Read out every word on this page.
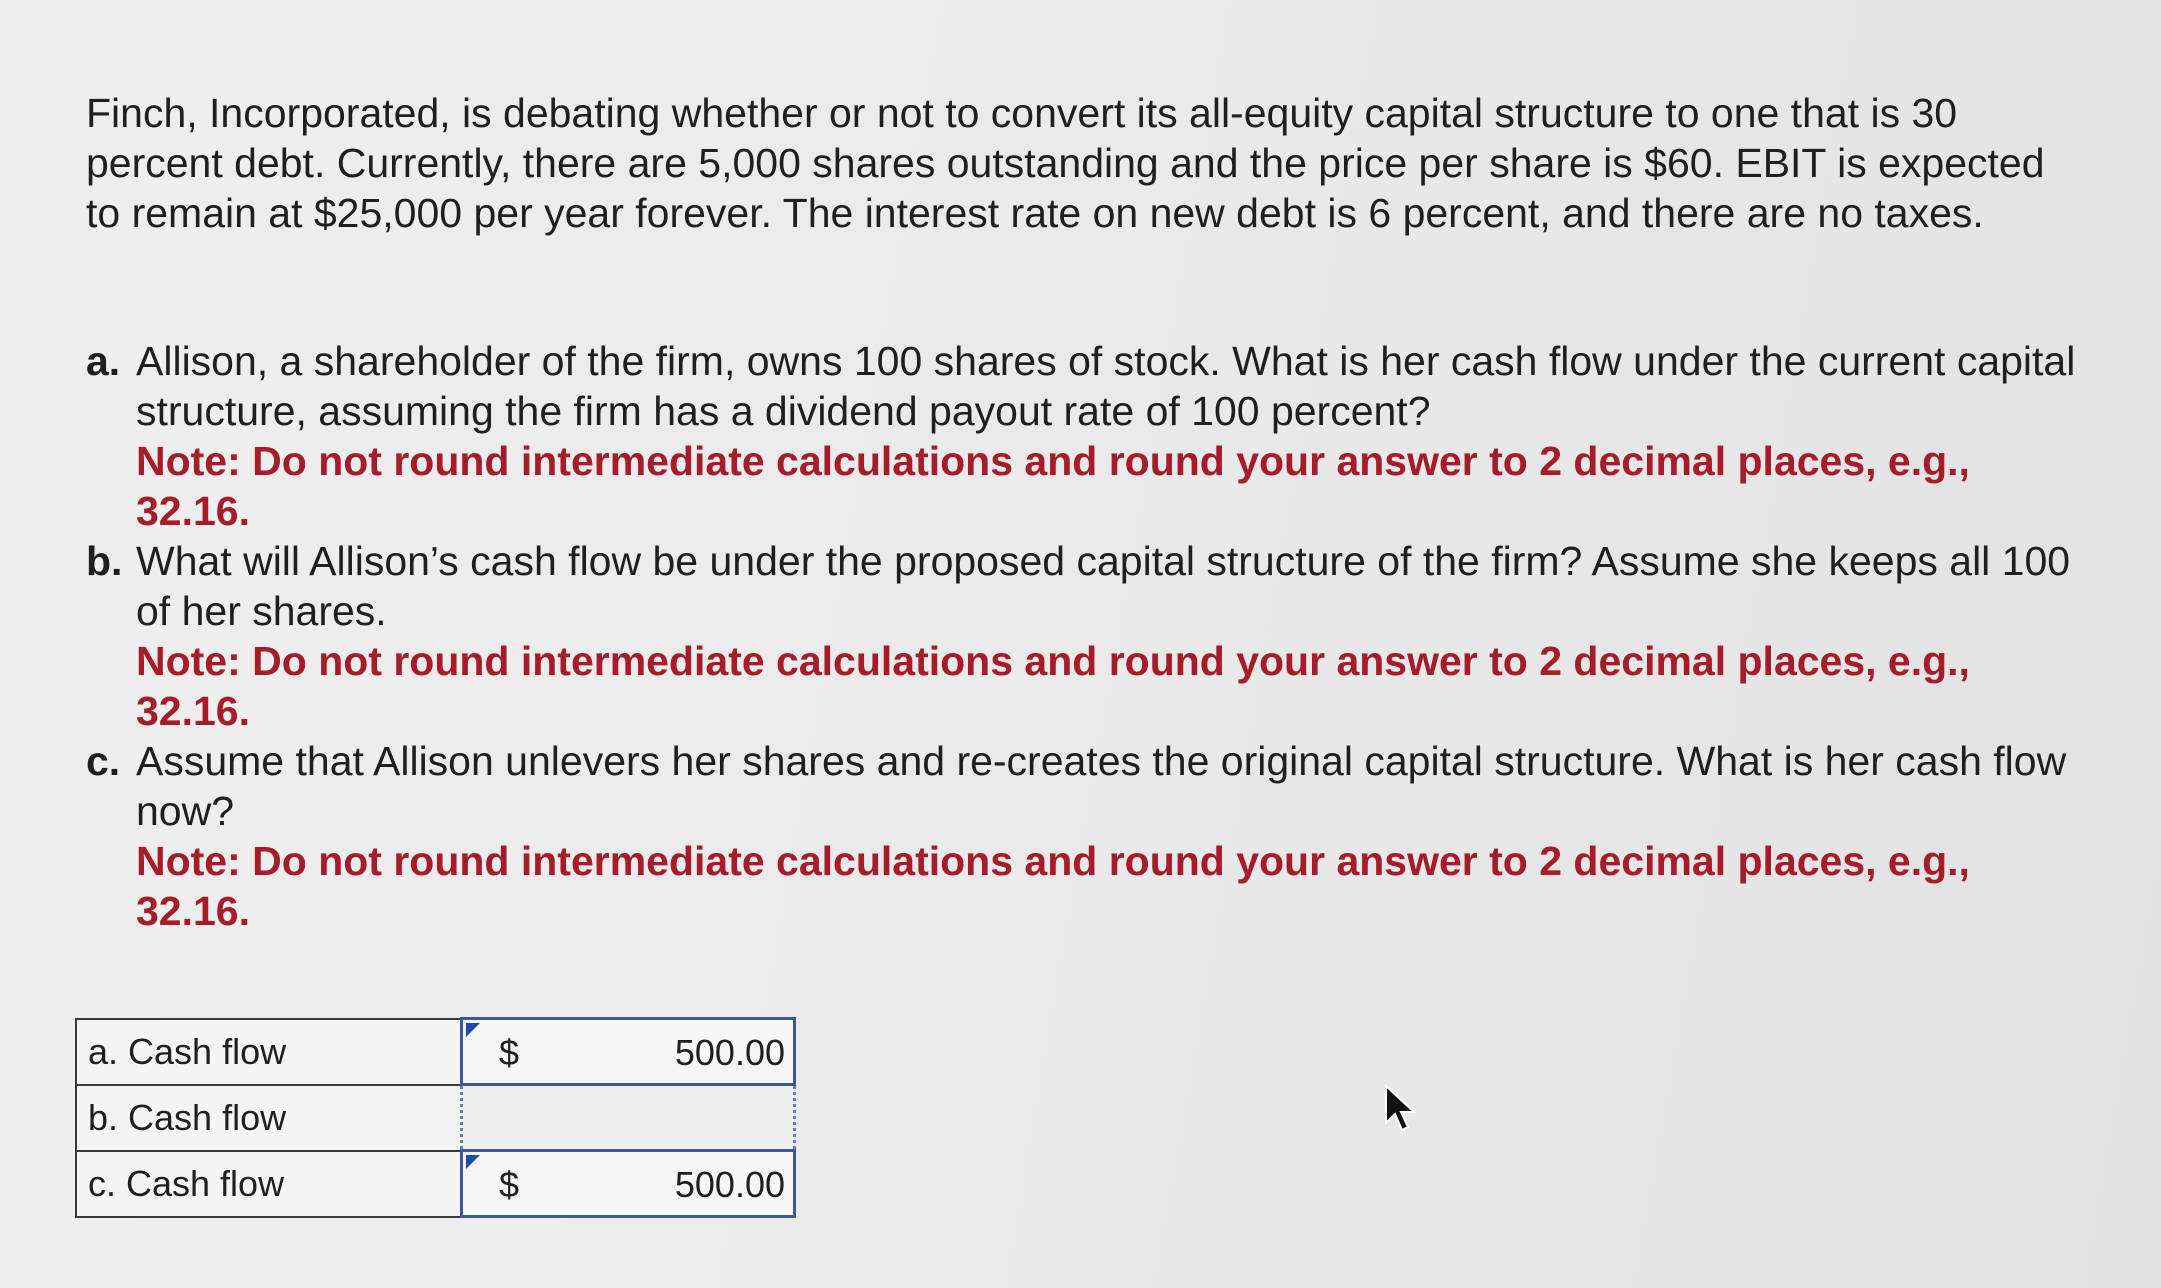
Finch, Incorporated, is debating whether or not to convert its all-equity capital structure to one that is 30 percent debt. Currently, there are 5,000 shares outstanding and the price per share is $60. EBIT is expected to remain at $25,000 per year forever. The interest rate on new debt is 6 percent, and there are no taxes.

a. Allison, a shareholder of the firm, owns 100 shares of stock. What is her cash flow under the current capital structure, assuming the firm has a dividend payout rate of 100 percent?
Note: Do not round intermediate calculations and round your answer to 2 decimal places, e.g., 32.16.
b. What will Allison’s cash flow be under the proposed capital structure of the firm? Assume she keeps all 100 of her shares.
Note: Do not round intermediate calculations and round your answer to 2 decimal places, e.g., 32.16.
c. Assume that Allison unlevers her shares and re-creates the original capital structure. What is her cash flow now?
Note: Do not round intermediate calculations and round your answer to 2 decimal places, e.g., 32.16.
a. Cash flow	$ 500.00

b. Cash flow	

c. Cash flow	$ 500.00
